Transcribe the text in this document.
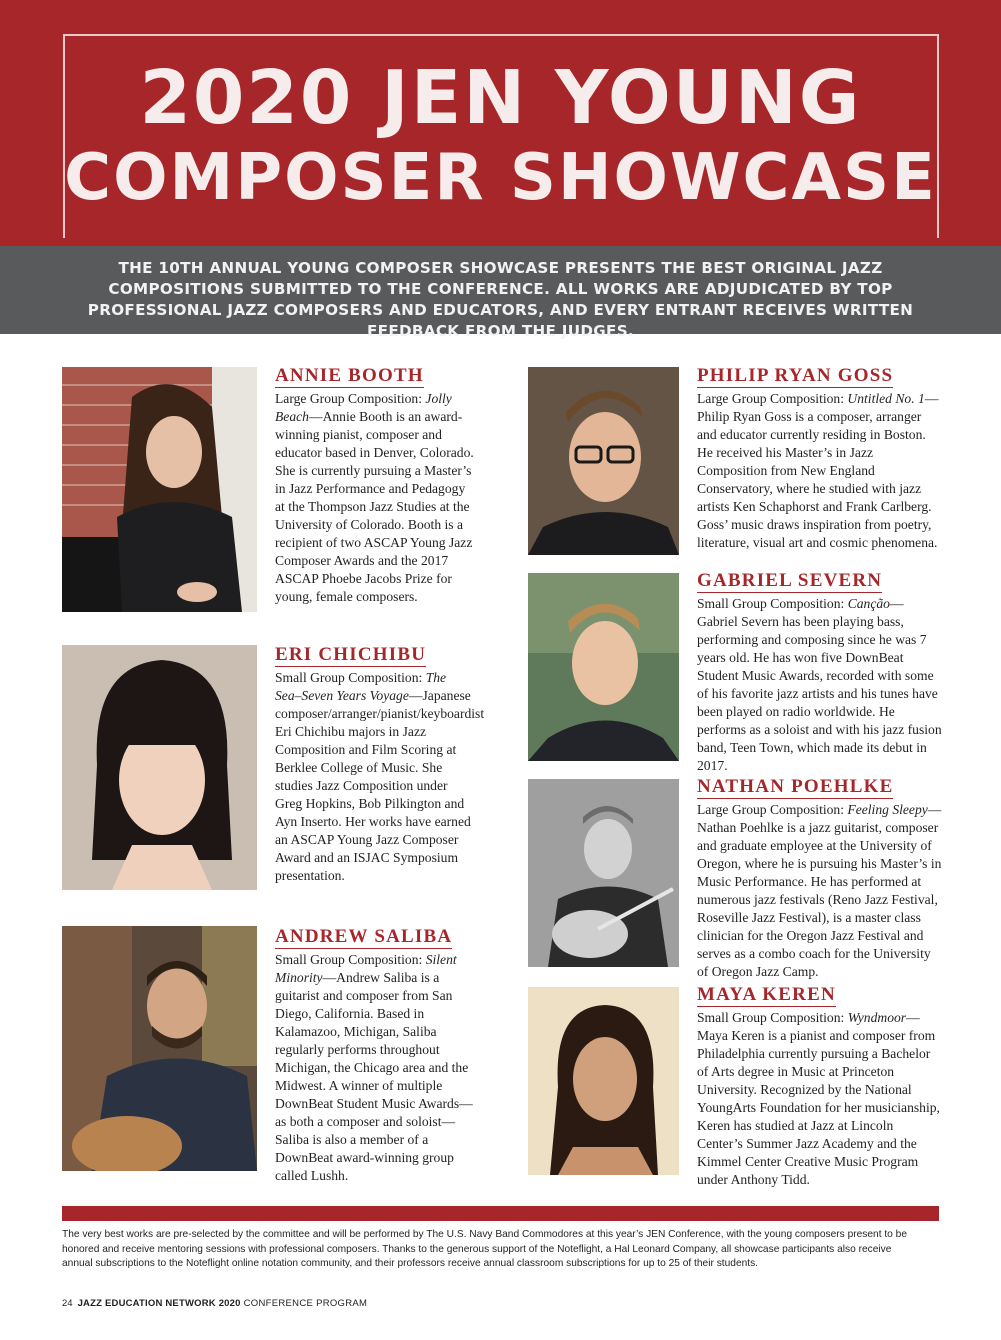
2020 JEN YOUNG
COMPOSER SHOWCASE
THE 10TH ANNUAL YOUNG COMPOSER SHOWCASE PRESENTS THE BEST ORIGINAL JAZZ COMPOSITIONS SUBMITTED TO THE CONFERENCE. ALL WORKS ARE ADJUDICATED BY TOP PROFESSIONAL JAZZ COMPOSERS AND EDUCATORS, AND EVERY ENTRANT RECEIVES WRITTEN FEEDBACK FROM THE JUDGES.
ANNIE BOOTH
Large Group Composition: Jolly Beach—Annie Booth is an award-winning pianist, composer and educator based in Denver, Colorado. She is currently pursuing a Master’s in Jazz Performance and Pedagogy at the Thompson Jazz Studies at the University of Colorado. Booth is a recipient of two ASCAP Young Jazz Composer Awards and the 2017 ASCAP Phoebe Jacobs Prize for young, female composers.
ERI CHICHIBU
Small Group Composition: The Sea–Seven Years Voyage—Japanese composer/arranger/pianist/keyboardist Eri Chichibu majors in Jazz Composition and Film Scoring at Berklee College of Music. She studies Jazz Composition under Greg Hopkins, Bob Pilkington and Ayn Inserto. Her works have earned an ASCAP Young Jazz Composer Award and an ISJAC Symposium presentation.
ANDREW SALIBA
Small Group Composition: Silent Minority—Andrew Saliba is a guitarist and composer from San Diego, California. Based in Kalamazoo, Michigan, Saliba regularly performs throughout Michigan, the Chicago area and the Midwest. A winner of multiple DownBeat Student Music Awards—as both a composer and soloist—Saliba is also a member of a DownBeat award-winning group called Lushh.
PHILIP RYAN GOSS
Large Group Composition: Untitled No. 1—Philip Ryan Goss is a composer, arranger and educator currently residing in Boston. He received his Master’s in Jazz Composition from New England Conservatory, where he studied with jazz artists Ken Schaphorst and Frank Carlberg. Goss’ music draws inspiration from poetry, literature, visual art and cosmic phenomena.
GABRIEL SEVERN
Small Group Composition: Canção—Gabriel Severn has been playing bass, performing and composing since he was 7 years old. He has won five DownBeat Student Music Awards, recorded with some of his favorite jazz artists and his tunes have been played on radio worldwide. He performs as a soloist and with his jazz fusion band, Teen Town, which made its debut in 2017.
NATHAN POEHLKE
Large Group Composition: Feeling Sleepy—Nathan Poehlke is a jazz guitarist, composer and graduate employee at the University of Oregon, where he is pursuing his Master’s in Music Performance. He has performed at numerous jazz festivals (Reno Jazz Festival, Roseville Jazz Festival), is a master class clinician for the Oregon Jazz Festival and serves as a combo coach for the University of Oregon Jazz Camp.
MAYA KEREN
Small Group Composition: Wyndmoor—Maya Keren is a pianist and composer from Philadelphia currently pursuing a Bachelor of Arts degree in Music at Princeton University. Recognized by the National YoungArts Foundation for her musicianship, Keren has studied at Jazz at Lincoln Center’s Summer Jazz Academy and the Kimmel Center Creative Music Program under Anthony Tidd.
The very best works are pre-selected by the committee and will be performed by The U.S. Navy Band Commodores at this year’s JEN Conference, with the young composers present to be honored and receive mentoring sessions with professional composers. Thanks to the generous support of the Noteflight, a Hal Leonard Company, all showcase participants also receive annual subscriptions to the Noteflight online notation community, and their professors receive annual classroom subscriptions for up to 25 of their students.
24 JAZZ EDUCATION NETWORK 2020 CONFERENCE PROGRAM
